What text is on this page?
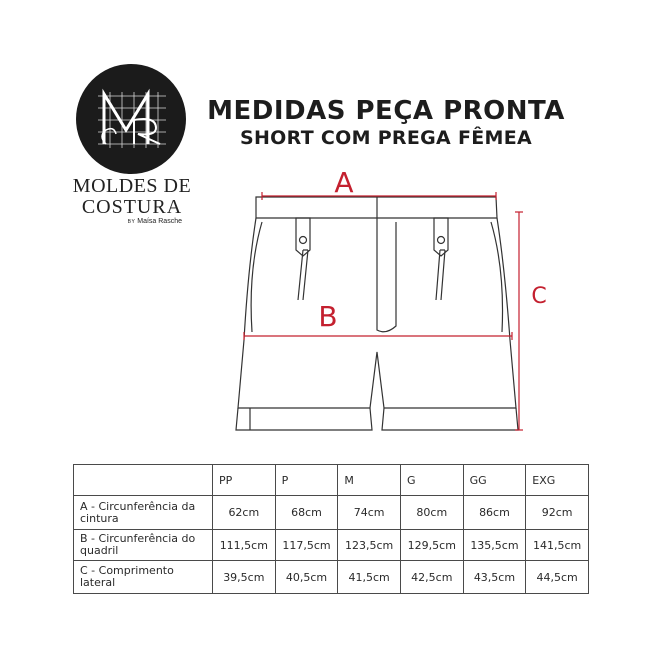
MOLDES DE
COSTURA
BY Maísa Rasche
MEDIDAS PEÇA PRONTA
SHORT COM PREGA FÊMEA
A
B
C
	PP	P	M	G	GG	EXG
A - Circunferência da cintura	62cm	68cm	74cm	80cm	86cm	92cm
B - Circunferência do quadril	111,5cm	117,5cm	123,5cm	129,5cm	135,5cm	141,5cm
C - Comprimento lateral	39,5cm	40,5cm	41,5cm	42,5cm	43,5cm	44,5cm
